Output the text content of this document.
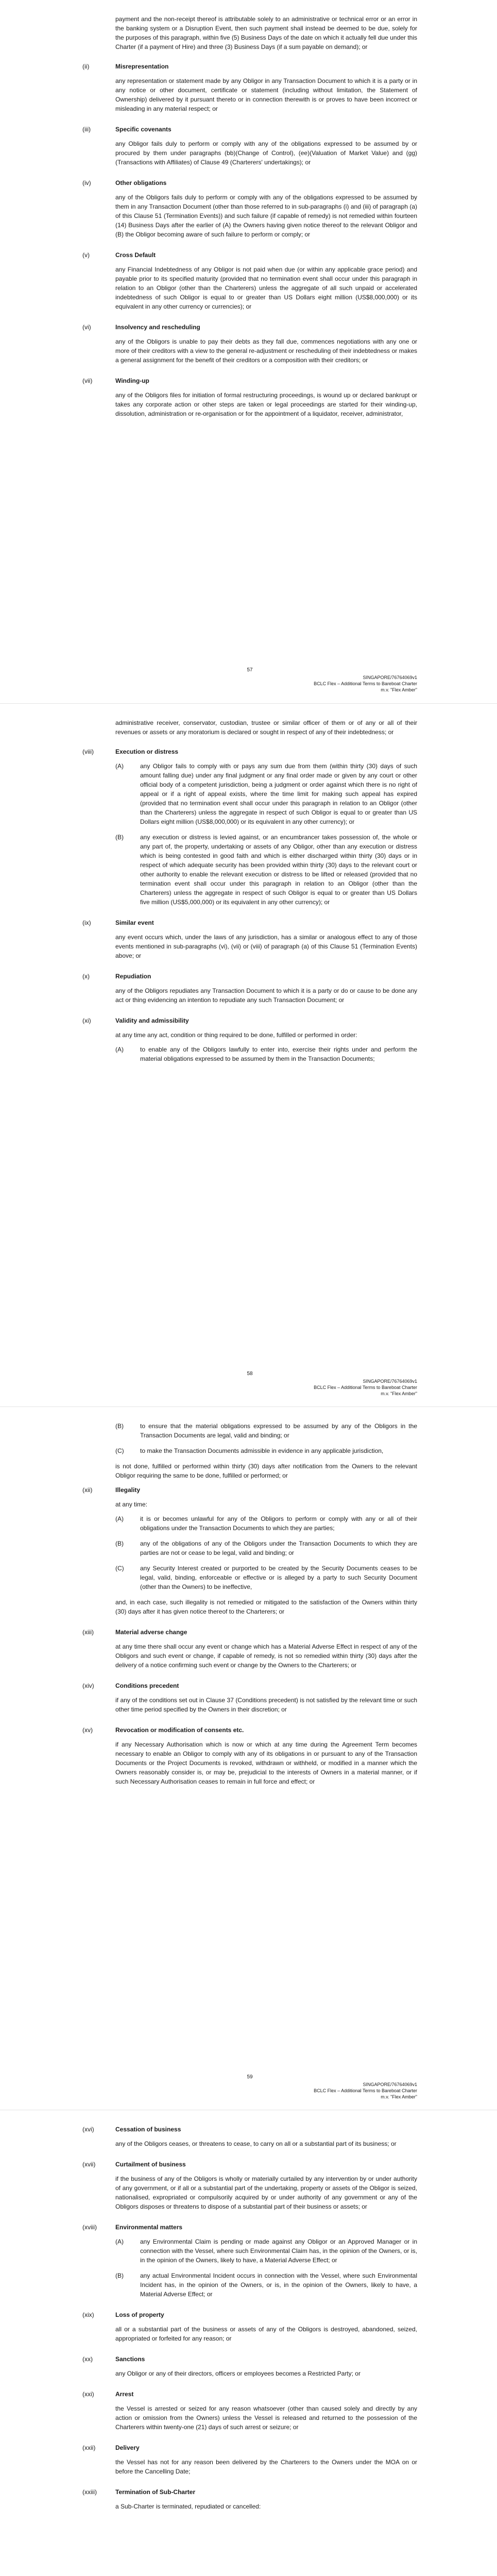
payment and the non-receipt thereof is attributable solely to an administrative or technical error or an error in the banking system or a Disruption Event, then such payment shall instead be deemed to be due, solely for the purposes of this paragraph, within five (5) Business Days of the date on which it actually fell due under this Charter (if a payment of Hire) and three (3) Business Days (if a sum payable on demand); or

(ii)	Misrepresentation

any representation or statement made by any Obligor in any Transaction Document to which it is a party or in any notice or other document, certificate or statement (including without limitation, the Statement of Ownership) delivered by it pursuant thereto or in connection therewith is or proves to have been incorrect or misleading in any material respect; or

(iii)	Specific covenants

any Obligor fails duly to perform or comply with any of the obligations expressed to be assumed by or procured by them under paragraphs (bb)(Change of Control), (ee)(Valuation of Market Value) and (gg)(Transactions with Affiliates) of Clause 49 (Charterers' undertakings); or

(iv)	Other obligations

any of the Obligors fails duly to perform or comply with any of the obligations expressed to be assumed by them in any Transaction Document (other than those referred to in sub-paragraphs (i) and (iii) of paragraph (a) of this Clause 51 (Termination Events)) and such failure (if capable of remedy) is not remedied within fourteen (14) Business Days after the earlier of (A) the Owners having given notice thereof to the relevant Obligor and (B) the Obligor becoming aware of such failure to perform or comply; or

(v)	Cross Default

any Financial Indebtedness of any Obligor is not paid when due (or within any applicable grace period) and payable prior to its specified maturity (provided that no termination event shall occur under this paragraph in relation to an Obligor (other than the Charterers) unless the aggregate of all such unpaid or accelerated indebtedness of such Obligor is equal to or greater than US Dollars eight million (US$8,000,000) or its equivalent in any other currency or currencies); or

(vi)	Insolvency and rescheduling

any of the Obligors is unable to pay their debts as they fall due, commences negotiations with any one or more of their creditors with a view to the general re-adjustment or rescheduling of their indebtedness or makes a general assignment for the benefit of their creditors or a composition with their creditors; or

(vii)	Winding-up

any of the Obligors files for initiation of formal restructuring proceedings, is wound up or declared bankrupt or takes any corporate action or other steps are taken or legal proceedings are started for their winding-up, dissolution, administration or re-organisation or for the appointment of a liquidator, receiver, administrator,

57
SINGAPORE/76764069v1
BCLC Flex – Additional Terms to Bareboat Charter
m.v. "Flex Amber"

administrative receiver, conservator, custodian, trustee or similar officer of them or of any or all of their revenues or assets or any moratorium is declared or sought in respect of any of their indebtedness; or

(viii)	Execution or distress
(A)	any Obligor fails to comply with or pays any sum due from them (within thirty (30) days of such amount falling due) under any final judgment or any final order made or given by any court or other official body of a competent jurisdiction, being a judgment or order against which there is no right of appeal or if a right of appeal exists, where the time limit for making such appeal has expired (provided that no termination event shall occur under this paragraph in relation to an Obligor (other than the Charterers) unless the aggregate in respect of such Obligor is equal to or greater than US Dollars eight million (US$8,000,000) or its equivalent in any other currency); or
(B)	any execution or distress is levied against, or an encumbrancer takes possession of, the whole or any part of, the property, undertaking or assets of any Obligor, other than any execution or distress which is being contested in good faith and which is either discharged within thirty (30) days or in respect of which adequate security has been provided within thirty (30) days to the relevant court or other authority to enable the relevant execution or distress to be lifted or released (provided that no termination event shall occur under this paragraph in relation to an Obligor (other than the Charterers) unless the aggregate in respect of such Obligor is equal to or greater than US Dollars five million (US$5,000,000) or its equivalent in any other currency); or
(ix)	Similar event

any event occurs which, under the laws of any jurisdiction, has a similar or analogous effect to any of those events mentioned in sub-paragraphs (vi), (vii) or (viii) of paragraph (a) of this Clause 51 (Termination Events) above; or

(x)	Repudiation

any of the Obligors repudiates any Transaction Document to which it is a party or do or cause to be done any act or thing evidencing an intention to repudiate any such Transaction Document; or

(xi)	Validity and admissibility

at any time any act, condition or thing required to be done, fulfilled or performed in order:

(A)	to enable any of the Obligors lawfully to enter into, exercise their rights under and perform the material obligations expressed to be assumed by them in the Transaction Documents;
58
SINGAPORE/76764069v1
BCLC Flex – Additional Terms to Bareboat Charter
m.v. "Flex Amber"
(B)	to ensure that the material obligations expressed to be assumed by any of the Obligors in the Transaction Documents are legal, valid and binding; or
(C)	to make the Transaction Documents admissible in evidence in any applicable jurisdiction,

is not done, fulfilled or performed within thirty (30) days after notification from the Owners to the relevant Obligor requiring the same to be done, fulfilled or performed; or

(xii)	Illegality

at any time:

(A)	it is or becomes unlawful for any of the Obligors to perform or comply with any or all of their obligations under the Transaction Documents to which they are parties;
(B)	any of the obligations of any of the Obligors under the Transaction Documents to which they are parties are not or cease to be legal, valid and binding; or
(C)	any Security Interest created or purported to be created by the Security Documents ceases to be legal, valid, binding, enforceable or effective or is alleged by a party to such Security Document (other than the Owners) to be ineffective,

and, in each case, such illegality is not remedied or mitigated to the satisfaction of the Owners within thirty (30) days after it has given notice thereof to the Charterers; or

(xiii)	Material adverse change

at any time there shall occur any event or change which has a Material Adverse Effect in respect of any of the Obligors and such event or change, if capable of remedy, is not so remedied within thirty (30) days after the delivery of a notice confirming such event or change by the Owners to the Charterers; or

(xiv)	Conditions precedent

if any of the conditions set out in Clause 37 (Conditions precedent) is not satisfied by the relevant time or such other time period specified by the Owners in their discretion; or

(xv)	Revocation or modification of consents etc.

if any Necessary Authorisation which is now or which at any time during the Agreement Term becomes necessary to enable an Obligor to comply with any of its obligations in or pursuant to any of the Transaction Documents or the Project Documents is revoked, withdrawn or withheld, or modified in a manner which the Owners reasonably consider is, or may be, prejudicial to the interests of Owners in a material manner, or if such Necessary Authorisation ceases to remain in full force and effect; or

59
SINGAPORE/76764069v1
BCLC Flex – Additional Terms to Bareboat Charter
m.v. "Flex Amber"
(xvi)	Cessation of business

any of the Obligors ceases, or threatens to cease, to carry on all or a substantial part of its business; or

(xvii)	Curtailment of business

if the business of any of the Obligors is wholly or materially curtailed by any intervention by or under authority of any government, or if all or a substantial part of the undertaking, property or assets of the Obligor is seized, nationalised, expropriated or compulsorily acquired by or under authority of any government or any of the Obligors disposes or threatens to dispose of a substantial part of their business or assets; or

(xviii)	Environmental matters
(A)	any Environmental Claim is pending or made against any Obligor or an Approved Manager or in connection with the Vessel, where such Environmental Claim has, in the opinion of the Owners, or is, in the opinion of the Owners, likely to have, a Material Adverse Effect; or
(B)	any actual Environmental Incident occurs in connection with the Vessel, where such Environmental Incident has, in the opinion of the Owners, or is, in the opinion of the Owners, likely to have, a Material Adverse Effect; or
(xix)	Loss of property

all or a substantial part of the business or assets of any of the Obligors is destroyed, abandoned, seized, appropriated or forfeited for any reason; or

(xx)	Sanctions

any Obligor or any of their directors, officers or employees becomes a Restricted Party; or

(xxi)	Arrest

the Vessel is arrested or seized for any reason whatsoever (other than caused solely and directly by any action or omission from the Owners) unless the Vessel is released and returned to the possession of the Charterers within twenty-one (21) days of such arrest or seizure; or

(xxii)	Delivery

the Vessel has not for any reason been delivered by the Charterers to the Owners under the MOA on or before the Cancelling Date;

(xxiii)	Termination of Sub-Charter

a Sub-Charter is terminated, repudiated or cancelled:
